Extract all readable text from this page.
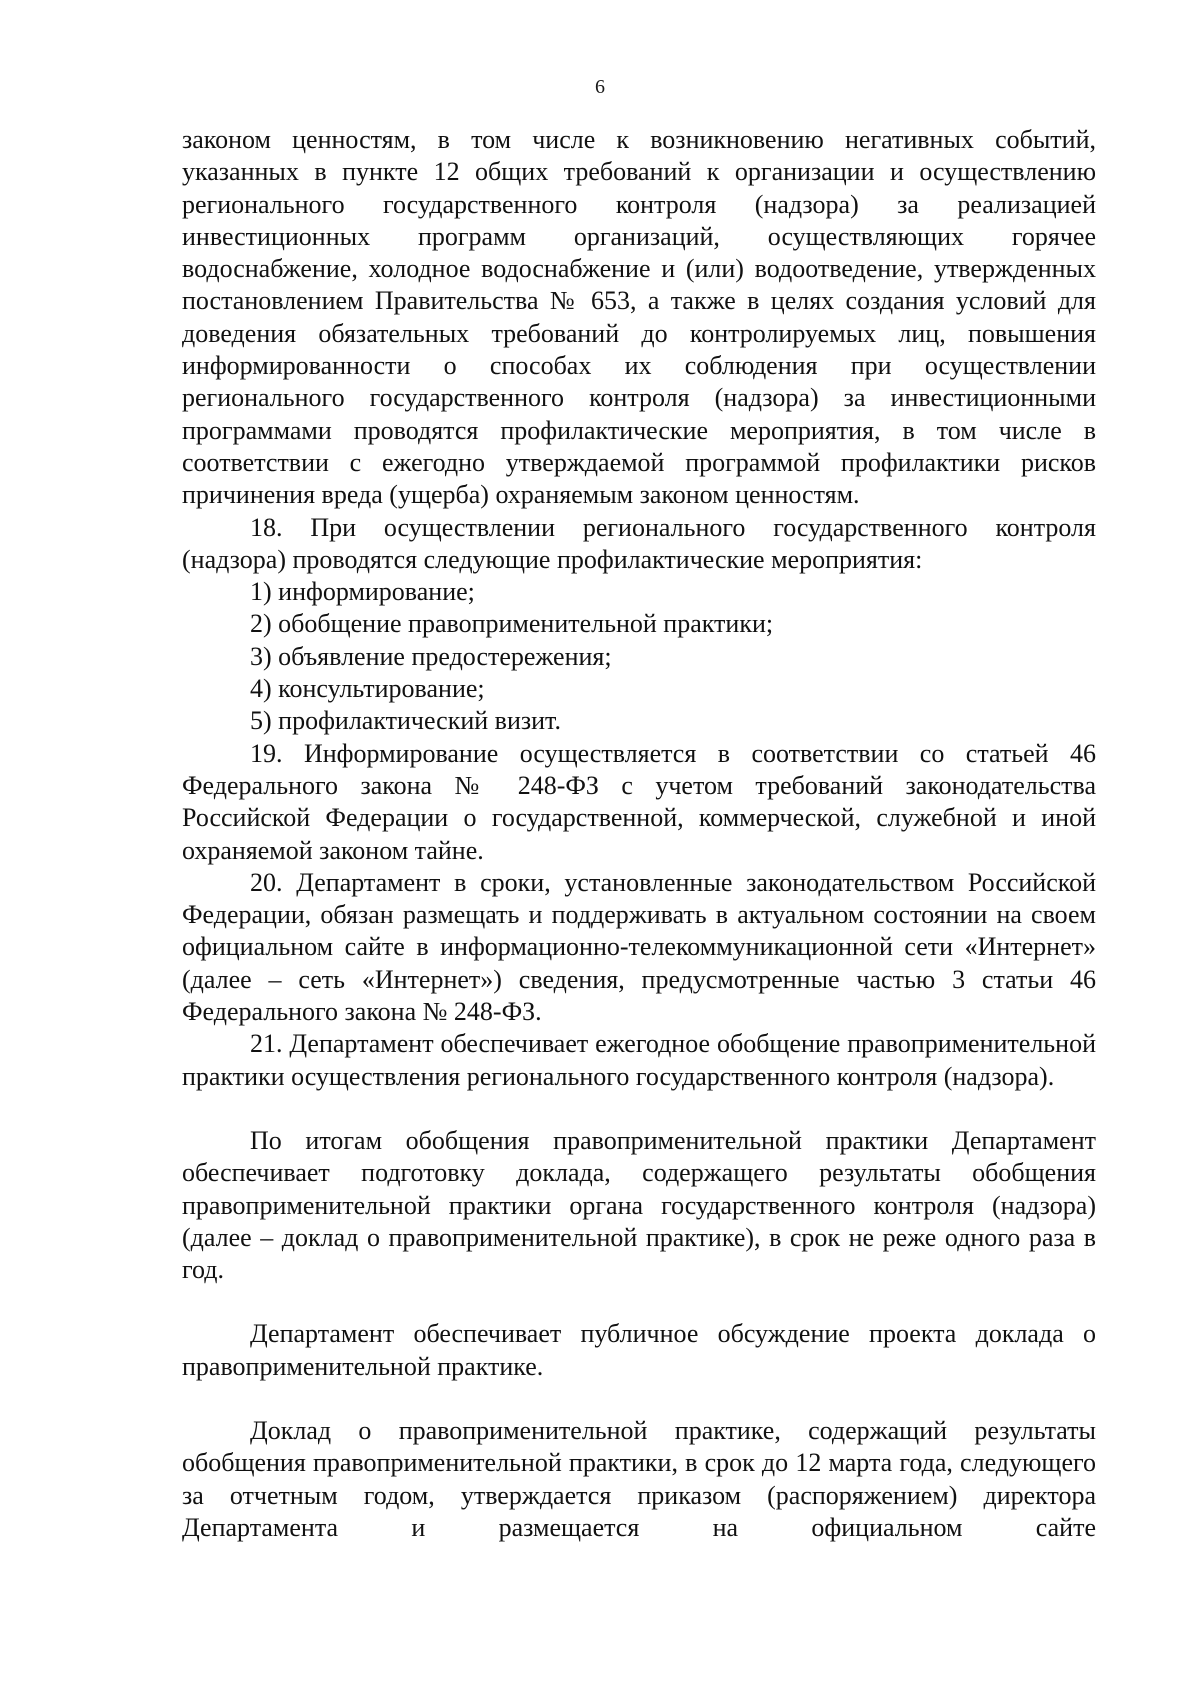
6

законом ценностям, в том числе к возникновению негативных событий, указанных в пункте 12 общих требований к организации и осуществлению регионального государственного контроля (надзора) за реализацией инвестиционных программ организаций, осуществляющих горячее водоснабжение, холодное водоснабжение и (или) водоотведение, утвержденных постановлением Правительства № 653, а также в целях создания условий для доведения обязательных требований до контролируемых лиц, повышения информированности о способах их соблюдения при осуществлении регионального государственного контроля (надзора) за инвестиционными программами проводятся профилактические мероприятия, в том числе в соответствии с ежегодно утверждаемой программой профилактики рисков причинения вреда (ущерба) охраняемым законом ценностям.

18. При осуществлении регионального государственного контроля (надзора) проводятся следующие профилактические мероприятия:

1) информирование;

2) обобщение правоприменительной практики;

3) объявление предостережения;

4) консультирование;

5) профилактический визит.

19. Информирование осуществляется в соответствии со статьей 46 Федерального закона № 248-ФЗ с учетом требований законодательства Российской Федерации о государственной, коммерческой, служебной и иной охраняемой законом тайне.

20. Департамент в сроки, установленные законодательством Российской Федерации, обязан размещать и поддерживать в актуальном состоянии на своем официальном сайте в информационно-телекоммуникационной сети «Интернет» (далее – сеть «Интернет») сведения, предусмотренные частью 3 статьи 46 Федерального закона № 248-ФЗ.

21. Департамент обеспечивает ежегодное обобщение правоприменительной практики осуществления регионального государственного контроля (надзора).

По итогам обобщения правоприменительной практики Департамент обеспечивает подготовку доклада, содержащего результаты обобщения правоприменительной практики органа государственного контроля (надзора) (далее – доклад о правоприменительной практике), в срок не реже одного раза в год.

Департамент обеспечивает публичное обсуждение проекта доклада о правоприменительной практике.

Доклад о правоприменительной практике, содержащий результаты обобщения правоприменительной практики, в срок до 12 марта года, следующего за отчетным годом, утверждается приказом (распоряжением) директора Департамента и размещается на официальном сайте
